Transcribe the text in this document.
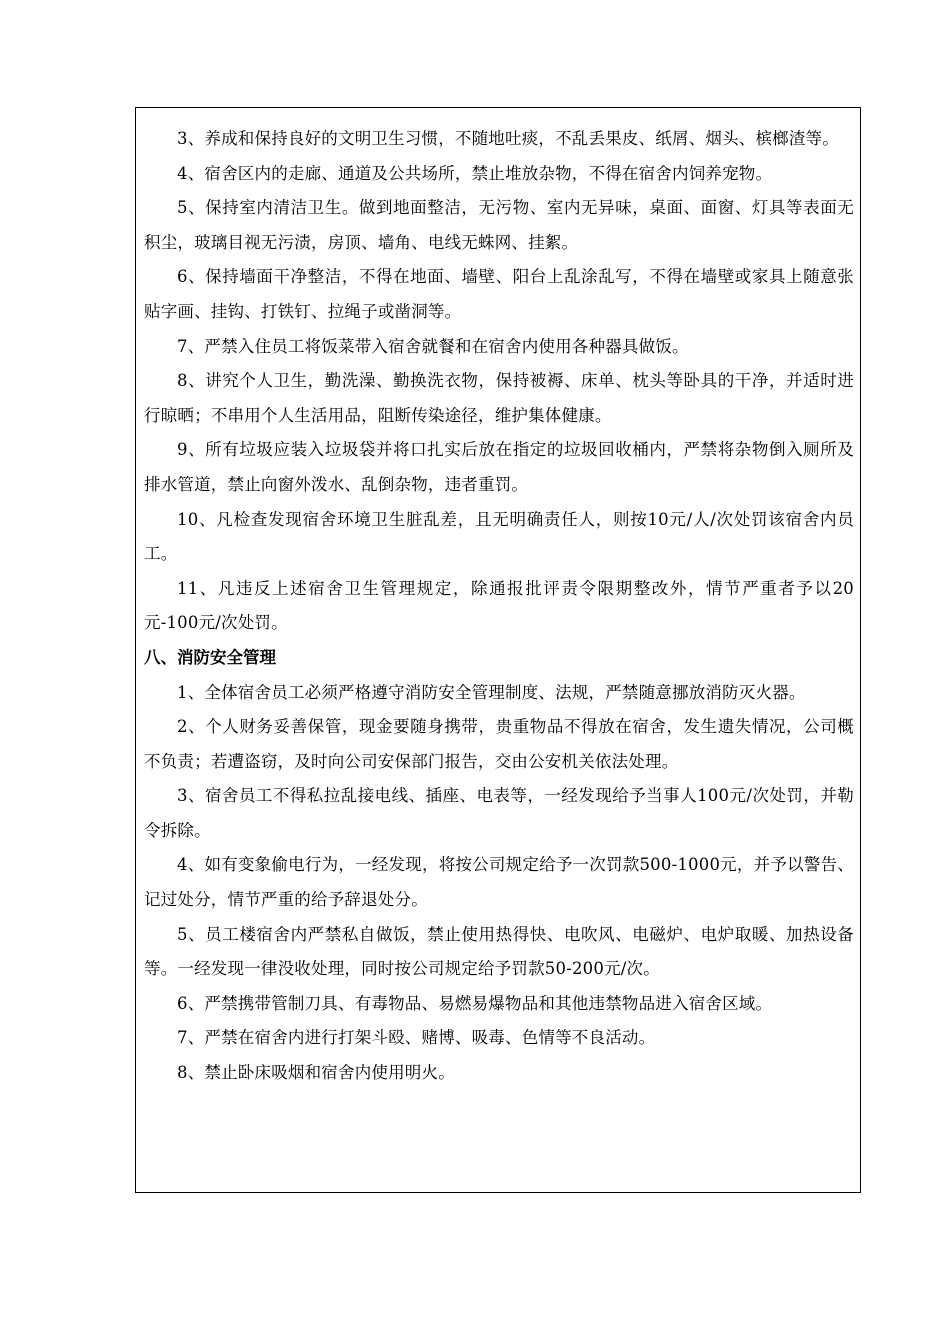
3、养成和保持良好的文明卫生习惯，不随地吐痰，不乱丢果皮、纸屑、烟头、槟榔渣等。

4、宿舍区内的走廊、通道及公共场所，禁止堆放杂物，不得在宿舍内饲养宠物。

5、保持室内清洁卫生。做到地面整洁，无污物、室内无异味，桌面、面窗、灯具等表面无积尘，玻璃目视无污渍，房顶、墙角、电线无蛛网、挂絮。

6、保持墙面干净整洁，不得在地面、墙壁、阳台上乱涂乱写，不得在墙壁或家具上随意张贴字画、挂钩、打铁钉、拉绳子或凿洞等。

7、严禁入住员工将饭菜带入宿舍就餐和在宿舍内使用各种器具做饭。

8、讲究个人卫生，勤洗澡、勤换洗衣物，保持被褥、床单、枕头等卧具的干净，并适时进行晾晒；不串用个人生活用品，阻断传染途径，维护集体健康。

9、所有垃圾应装入垃圾袋并将口扎实后放在指定的垃圾回收桶内，严禁将杂物倒入厕所及排水管道，禁止向窗外泼水、乱倒杂物，违者重罚。

10、凡检查发现宿舍环境卫生脏乱差，且无明确责任人，则按10元/人/次处罚该宿舍内员工。

11、凡违反上述宿舍卫生管理规定，除通报批评责令限期整改外，情节严重者予以20元-100元/次处罚。

八、消防安全管理

1、全体宿舍员工必须严格遵守消防安全管理制度、法规，严禁随意挪放消防灭火器。

2、个人财务妥善保管，现金要随身携带，贵重物品不得放在宿舍，发生遗失情况，公司概不负责；若遭盗窃，及时向公司安保部门报告，交由公安机关依法处理。

3、宿舍员工不得私拉乱接电线、插座、电表等，一经发现给予当事人100元/次处罚，并勒令拆除。

4、如有变象偷电行为，一经发现，将按公司规定给予一次罚款500-1000元，并予以警告、记过处分，情节严重的给予辞退处分。

5、员工楼宿舍内严禁私自做饭，禁止使用热得快、电吹风、电磁炉、电炉取暖、加热设备等。一经发现一律没收处理，同时按公司规定给予罚款50-200元/次。

6、严禁携带管制刀具、有毒物品、易燃易爆物品和其他违禁物品进入宿舍区域。

7、严禁在宿舍内进行打架斗殴、赌博、吸毒、色情等不良活动。

8、禁止卧床吸烟和宿舍内使用明火。
